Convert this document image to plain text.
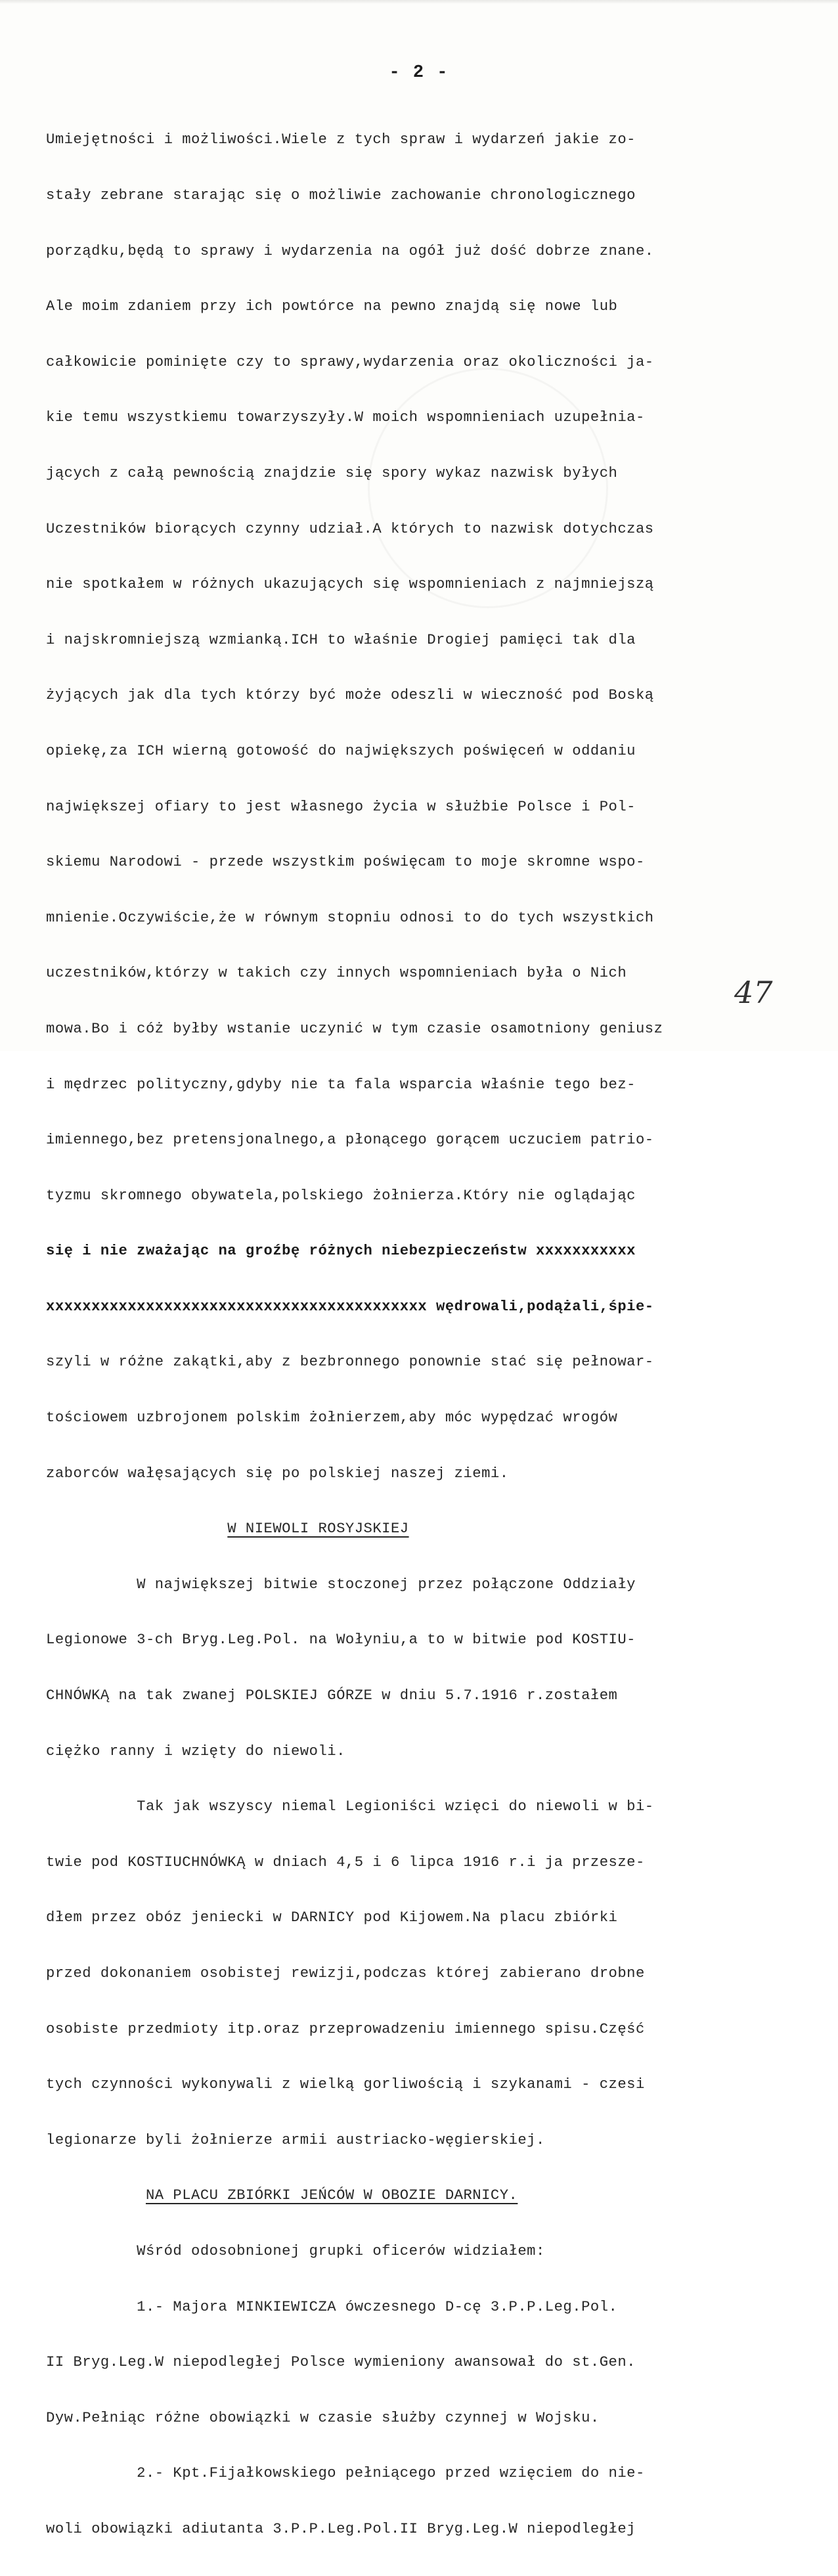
- 2 -

Umiejętności i możliwości.Wiele z tych spraw i wydarzeń jakie zo-

stały zebrane starając się o możliwie zachowanie chronologicznego

porządku,będą to sprawy i wydarzenia na ogół już dość dobrze znane.

Ale moim zdaniem przy ich powtórce na pewno znajdą się nowe lub

całkowicie pominięte czy to sprawy,wydarzenia oraz okoliczności ja-

kie temu wszystkiemu towarzyszyły.W moich wspomnieniach uzupełnia-

jących z całą pewnością znajdzie się spory wykaz nazwisk byłych

Uczestników biorących czynny udział.A których to nazwisk dotychczas

nie spotkałem w różnych ukazujących się wspomnieniach z najmniejszą

i najskromniejszą wzmianką.ICH to właśnie Drogiej pamięci tak dla

żyjących jak dla tych którzy być może odeszli w wieczność pod Boską

opiekę,za ICH wierną gotowość do największych poświęceń w oddaniu

największej ofiary to jest własnego życia w służbie Polsce i Pol-

skiemu Narodowi - przede wszystkim poświęcam to moje skromne wspo-

mnienie.Oczywiście,że w równym stopniu odnosi to do tych wszystkich

uczestników,którzy w takich czy innych wspomnieniach była o Nich

mowa.Bo i cóż byłby wstanie uczynić w tym czasie osamotniony geniusz

i mędrzec polityczny,gdyby nie ta fala wsparcia właśnie tego bez-

imiennego,bez pretensjonalnego,a płonącego gorącem uczuciem patrio-

tyzmu skromnego obywatela,polskiego żołnierza.Który nie oglądając

się i nie zważając na groźbę różnych niebezpieczeństw xxxxxxxxxxx

xxxxxxxxxxxxxxxxxxxxxxxxxxxxxxxxxxxxxxxxxx wędrowali,podążali,śpie-

szyli w różne zakątki,aby z bezbronnego ponownie stać się pełnowar-

tościowem uzbrojonem polskim żołnierzem,aby móc wypędzać wrogów

zaborców wałęsających się po polskiej naszej ziemi.

W NIEWOLI ROSYJSKIEJ

W największej bitwie stoczonej przez połączone Oddziały

Legionowe 3-ch Bryg.Leg.Pol. na Wołyniu,a to w bitwie pod KOSTIU-

CHNÓWKĄ na tak zwanej POLSKIEJ GÓRZE w dniu 5.7.1916 r.zostałem

ciężko ranny i wzięty do niewoli.

Tak jak wszyscy niemal Legioniści wzięci do niewoli w bi-

twie pod KOSTIUCHNÓWKĄ w dniach 4,5 i 6 lipca 1916 r.i ja przesze-

dłem przez obóz jeniecki w DARNICY pod Kijowem.Na placu zbiórki

przed dokonaniem osobistej rewizji,podczas której zabierano drobne

osobiste przedmioty itp.oraz przeprowadzeniu imiennego spisu.Część

tych czynności wykonywali z wielką gorliwością i szykanami - czesi

legionarze byli żołnierze armii austriacko-węgierskiej.

NA PLACU ZBIÓRKI JEŃCÓW W OBOZIE DARNICY.

Wśród odosobnionej grupki oficerów widziałem:

1.- Majora MINKIEWICZA ówczesnego D-cę 3.P.P.Leg.Pol.

II Bryg.Leg.W niepodległej Polsce wymieniony awansował do st.Gen.

Dyw.Pełniąc różne obowiązki w czasie służby czynnej w Wojsku.

2.- Kpt.Fijałkowskiego pełniącego przed wzięciem do nie-

woli obowiązki adiutanta 3.P.P.Leg.Pol.II Bryg.Leg.W niepodległej

47
